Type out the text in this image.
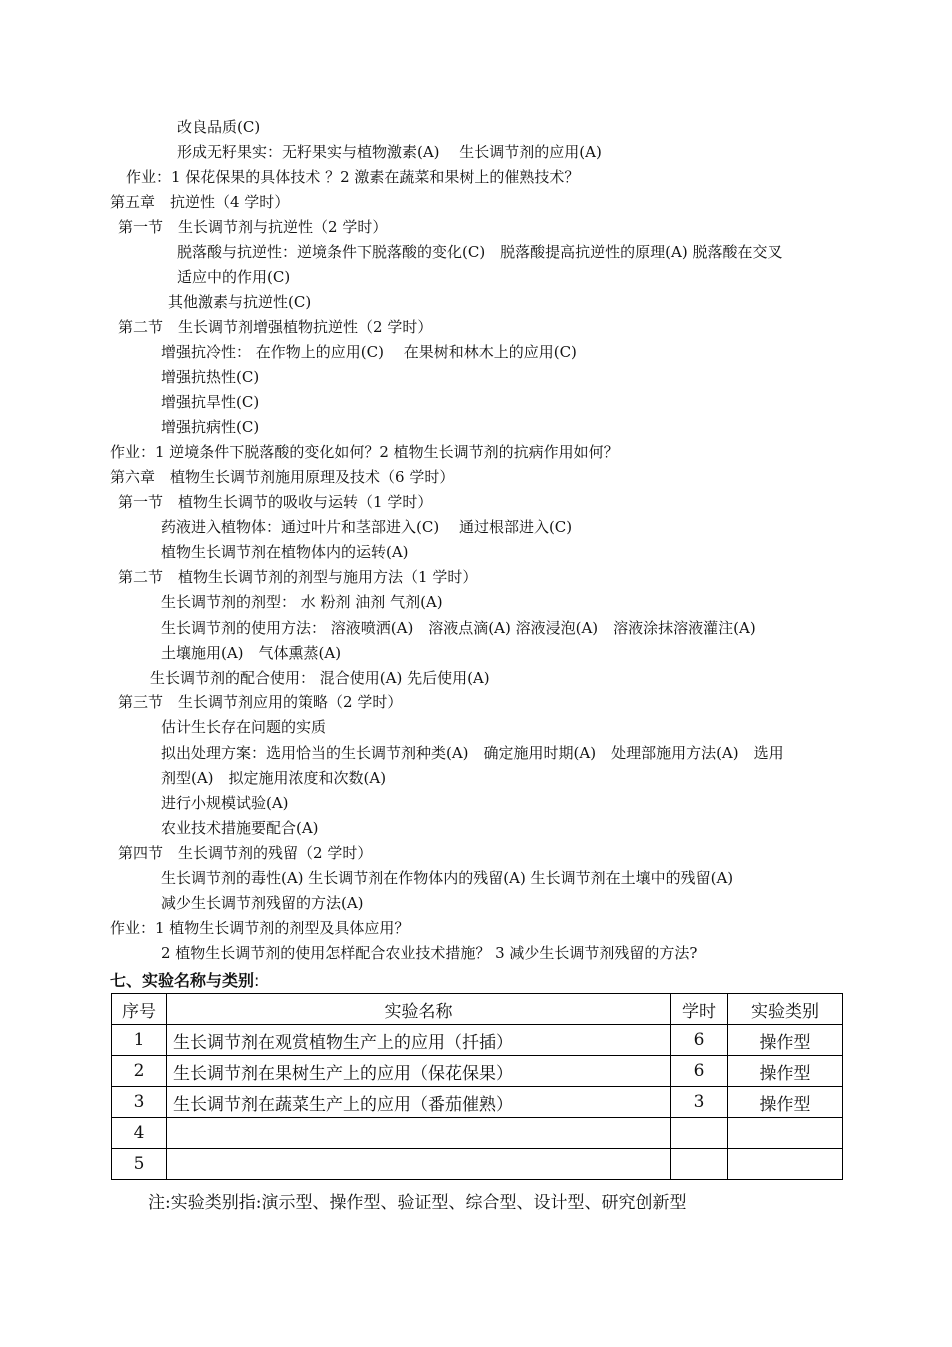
改良品质(C)
形成无籽果实：无籽果实与植物激素(A)　 生长调节剂的应用(A)
作业：1 保花保果的具体技术 ？2 激素在蔬菜和果树上的催熟技术？
第五章　抗逆性（4 学时）
第一节　生长调节剂与抗逆性（2 学时）
脱落酸与抗逆性：逆境条件下脱落酸的变化(C)　脱落酸提高抗逆性的原理(A) 脱落酸在交叉
适应中的作用(C)
其他激素与抗逆性(C)
第二节　生长调节剂增强植物抗逆性（2 学时）
增强抗冷性： 在作物上的应用(C)　 在果树和林木上的应用(C)
增强抗热性(C)
增强抗旱性(C)
增强抗病性(C)
作业：1 逆境条件下脱落酸的变化如何？2 植物生长调节剂的抗病作用如何？
第六章　植物生长调节剂施用原理及技术（6 学时）
第一节　植物生长调节的吸收与运转（1 学时）
药液进入植物体：通过叶片和茎部进入(C)　 通过根部进入(C)
植物生长调节剂在植物体内的运转(A)
第二节　植物生长调节剂的剂型与施用方法（1 学时）
生长调节剂的剂型： 水 粉剂 油剂 气剂(A)
生长调节剂的使用方法： 溶液喷洒(A)　溶液点滴(A) 溶液浸泡(A)　溶液涂抹溶液灌注(A)
土壤施用(A)　气体熏蒸(A)
生长调节剂的配合使用： 混合使用(A) 先后使用(A)
第三节　生长调节剂应用的策略（2 学时）
估计生长存在问题的实质
拟出处理方案：选用恰当的生长调节剂种类(A)　确定施用时期(A)　处理部施用方法(A)　选用
剂型(A)　拟定施用浓度和次数(A)
进行小规模试验(A)
农业技术措施要配合(A)
第四节　生长调节剂的残留（2 学时）
生长调节剂的毒性(A) 生长调节剂在作物体内的残留(A) 生长调节剂在土壤中的残留(A)
减少生长调节剂残留的方法(A)
作业：1 植物生长调节剂的剂型及具体应用？
2 植物生长调节剂的使用怎样配合农业技术措施？ 3 减少生长调节剂残留的方法?
七、实验名称与类别:
序号	实验名称	学时	实验类别
1	生长调节剂在观赏植物生产上的应用（扦插）	6	操作型
2	生长调节剂在果树生产上的应用（保花保果）	6	操作型
3	生长调节剂在蔬菜生产上的应用（番茄催熟）	3	操作型
4			
5			
注:实验类别指:演示型、操作型、验证型、综合型、设计型、研究创新型
